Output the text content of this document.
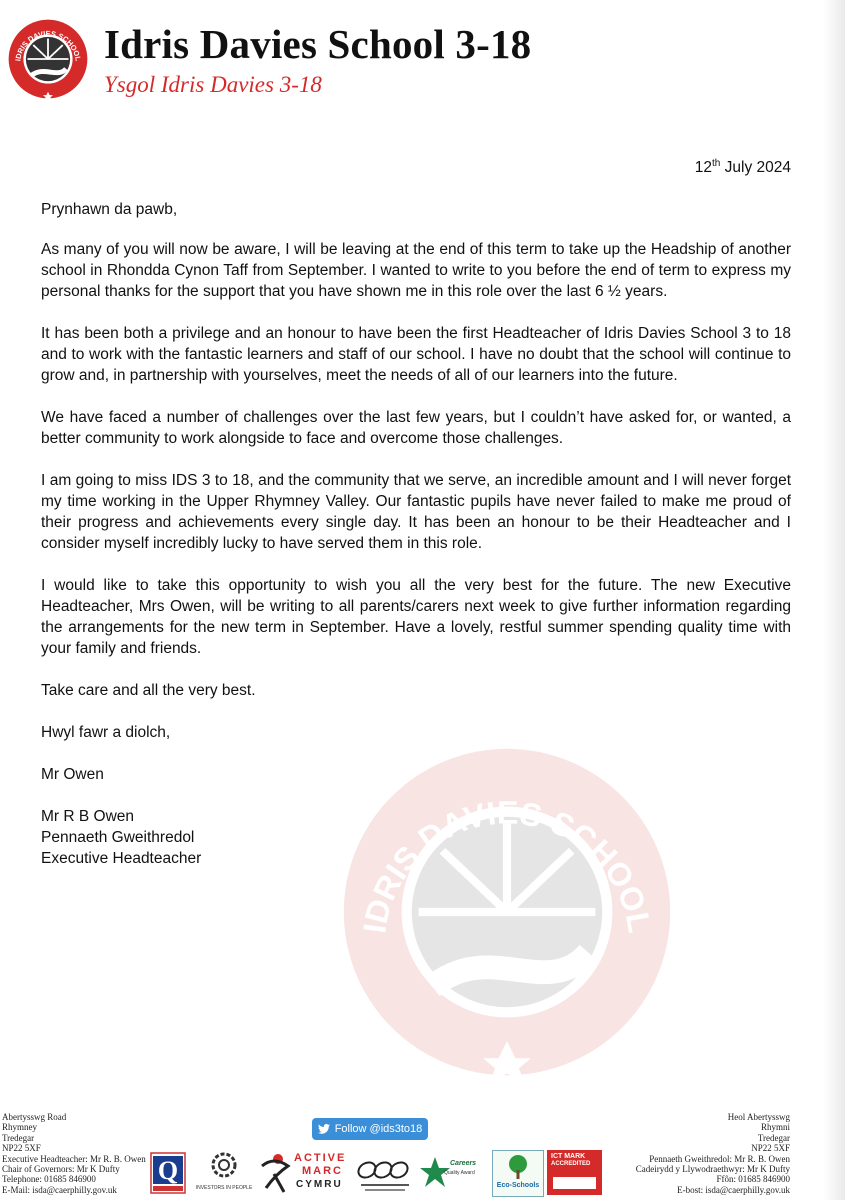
IDRIS DAVIES SCHOOL Idris Davies School 3-18
Ysgol Idris Davies 3-18
12th July 2024
IDRIS DAVIES SCHOOL

Prynhawn da pawb,

As many of you will now be aware, I will be leaving at the end of this term to take up the Headship of another school in Rhondda Cynon Taff from September. I wanted to write to you before the end of term to express my personal thanks for the support that you have shown me in this role over the last 6 ½ years.

It has been both a privilege and an honour to have been the first Headteacher of Idris Davies School 3 to 18 and to work with the fantastic learners and staff of our school. I have no doubt that the school will continue to grow and, in partnership with yourselves, meet the needs of all of our learners into the future.

We have faced a number of challenges over the last few years, but I couldn’t have asked for, or wanted, a better community to work alongside to face and overcome those challenges.

I am going to miss IDS 3 to 18, and the community that we serve, an incredible amount and I will never forget my time working in the Upper Rhymney Valley. Our fantastic pupils have never failed to make me proud of their progress and achievements every single day. It has been an honour to be their Headteacher and I consider myself incredibly lucky to have served them in this role.

I would like to take this opportunity to wish you all the very best for the future. The new Executive Headteacher, Mrs Owen, will be writing to all parents/carers next week to give further information regarding the arrangements for the new term in September. Have a lovely, restful summer spending quality time with your family and friends.

Take care and all the very best.

Hwyl fawr a diolch,

Mr Owen

Mr R B Owen
Pennaeth Gweithredol
Executive Headteacher
Abertysswg Road
Rhymney
Tredegar
NP22 5XF
Executive Headteacher: Mr R. B. Owen
Chair of Governors: Mr K Dufty
Telephone: 01685 846900
E-Mail: isda@caerphilly.gov.uk
Follow @ids3to18
Q
INVESTORS IN PEOPLE
ACTIVE
MARC
CYMRU
Careers
Quality Award
Eco-Schools
ICT MARK
ACCREDITED
Heol Abertysswg
Rhymni
Tredegar
NP22 5XF
Pennaeth Gweithredol: Mr R. B. Owen
Cadeirydd y Llywodraethwyr: Mr K Dufty
Ffôn: 01685 846900
E-bost: isda@caerphilly.gov.uk
